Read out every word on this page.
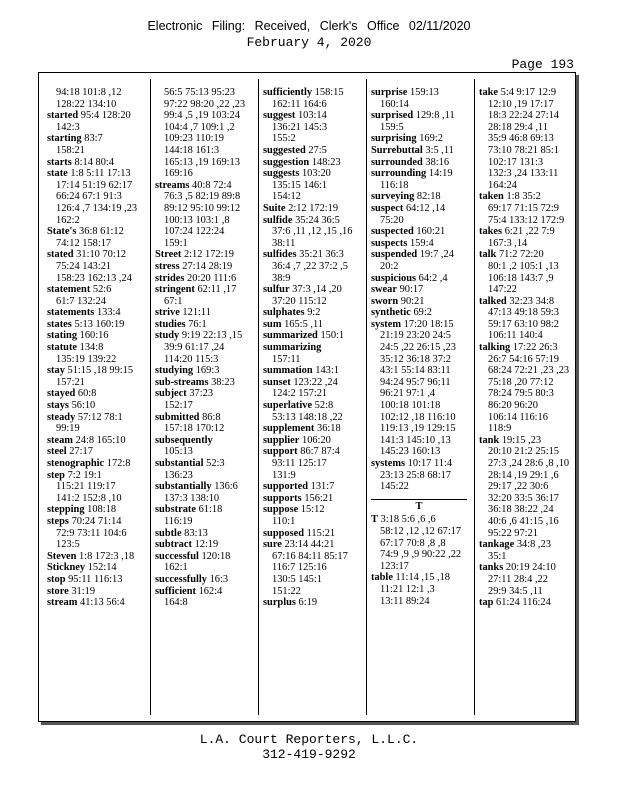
Electronic Filing: Received, Clerk's Office 02/11/2020
February 4, 2020
Page 193
94:18 101:8 ,12
128:22 134:10
started 95:4 128:20
142:3
starting 83:7
158:21
starts 8:14 80:4
state 1:8 5:11 17:13
17:14 51:19 62:17
66:24 67:1 91:3
126:4 ,7 134:19 ,23
162:2
State's 36:8 61:12
74:12 158:17
stated 31:10 70:12
75:24 143:21
158:23 162:13 ,24
statement 52:6
61:7 132:24
statements 133:4
states 5:13 160:19
stating 160:16
statute 134:8
135:19 139:22
stay 51:15 ,18 99:15
157:21
stayed 60:8
stays 56:10
steady 57:12 78:1
99:19
steam 24:8 165:10
steel 27:17
stenographic 172:8
step 7:2 19:1
115:21 119:17
141:2 152:8 ,10
stepping 108:18
steps 70:24 71:14
72:9 73:11 104:6
123:5
Steven 1:8 172:3 ,18
Stickney 152:14
stop 95:11 116:13
store 31:19
stream 41:13 56:4
56:5 75:13 95:23
97:22 98:20 ,22 ,23
99:4 ,5 ,19 103:24
104:4 ,7 109:1 ,2
109:23 110:19
144:18 161:3
165:13 ,19 169:13
169:16
streams 40:8 72:4
76:3 ,5 82:19 89:8
89:12 95:10 99:12
100:13 103:1 ,8
107:24 122:24
159:1
Street 2:12 172:19
stress 27:14 28:19
strides 20:20 111:6
stringent 62:11 ,17
67:1
strive 121:11
studies 76:1
study 9:19 22:13 ,15
39:9 61:17 ,24
114:20 115:3
studying 169:3
sub-streams 38:23
subject 37:23
152:17
submitted 86:8
157:18 170:12
subsequently
105:13
substantial 52:3
136:23
substantially 136:6
137:3 138:10
substrate 61:18
116:19
subtle 83:13
subtract 12:19
successful 120:18
162:1
successfully 16:3
sufficient 162:4
164:8
sufficiently 158:15
162:11 164:6
suggest 103:14
136:21 145:3
155:2
suggested 27:5
suggestion 148:23
suggests 103:20
135:15 146:1
154:12
Suite 2:12 172:19
sulfide 35:24 36:5
37:6 ,11 ,12 ,15 ,16
38:11
sulfides 35:21 36:3
36:4 ,7 ,22 37:2 ,5
38:9
sulfur 37:3 ,14 ,20
37:20 115:12
sulphates 9:2
sum 165:5 ,11
summarized 150:1
summarizing
157:11
summation 143:1
sunset 123:22 ,24
124:2 157:21
superlative 52:8
53:13 148:18 ,22
supplement 36:18
supplier 106:20
support 86:7 87:4
93:11 125:17
131:9
supported 131:7
supports 156:21
suppose 15:12
110:1
supposed 115:21
sure 23:14 44:21
67:16 84:11 85:17
116:7 125:16
130:5 145:1
151:22
surplus 6:19
surprise 159:13
160:14
surprised 129:8 ,11
159:5
surprising 169:2
Surrebuttal 3:5 ,11
surrounded 38:16
surrounding 14:19
116:18
surveying 82:18
suspect 64:12 ,14
75:20
suspected 160:21
suspects 159:4
suspended 19:7 ,24
20:2
suspicious 64:2 ,4
swear 90:17
sworn 90:21
synthetic 69:2
system 17:20 18:15
21:19 23:20 24:5
24:5 ,22 26:15 ,23
35:12 36:18 37:2
43:1 55:14 83:11
94:24 95:7 96:11
96:21 97:1 ,4
100:18 101:18
102:12 ,18 116:10
119:13 ,19 129:15
141:3 145:10 ,13
145:23 160:13
systems 10:17 11:4
23:13 25:8 68:17
145:22
T
T 3:18 5:6 ,6 ,6
58:12 ,12 ,12 67:17
67:17 70:8 ,8 ,8
74:9 ,9 ,9 90:22 ,22
123:17
table 11:14 ,15 ,18
11:21 12:1 ,3
13:11 89:24
take 5:4 9:17 12:9
12:10 ,19 17:17
18:3 22:24 27:14
28:18 29:4 ,11
35:9 46:8 69:13
73:10 78:21 85:1
102:17 131:3
132:3 ,24 133:11
164:24
taken 1:8 35:2
69:17 71:15 72:9
75:4 133:12 172:9
takes 6:21 ,22 7:9
167:3 ,14
talk 71:2 72:20
80:1 ,2 105:1 ,13
106:18 143:7 ,9
147:22
talked 32:23 34:8
47:13 49:18 59:3
59:17 63:10 98:2
106:11 140:4
talking 17:22 26:3
26:7 54:16 57:19
68:24 72:21 ,23 ,23
75:18 ,20 77:12
78:24 79:5 80:3
86:20 96:20
106:14 116:16
118:9
tank 19:15 ,23
20:10 21:2 25:15
27:3 ,24 28:6 ,8 ,10
28:14 ,19 29:1 ,6
29:17 ,22 30:6
32:20 33:5 36:17
36:18 38:22 ,24
40:6 ,6 41:15 ,16
95:22 97:21
tankage 34:8 ,23
35:1
tanks 20:19 24:10
27:11 28:4 ,22
29:9 34:5 ,11
tap 61:24 116:24
L.A. Court Reporters, L.L.C.
312-419-9292
